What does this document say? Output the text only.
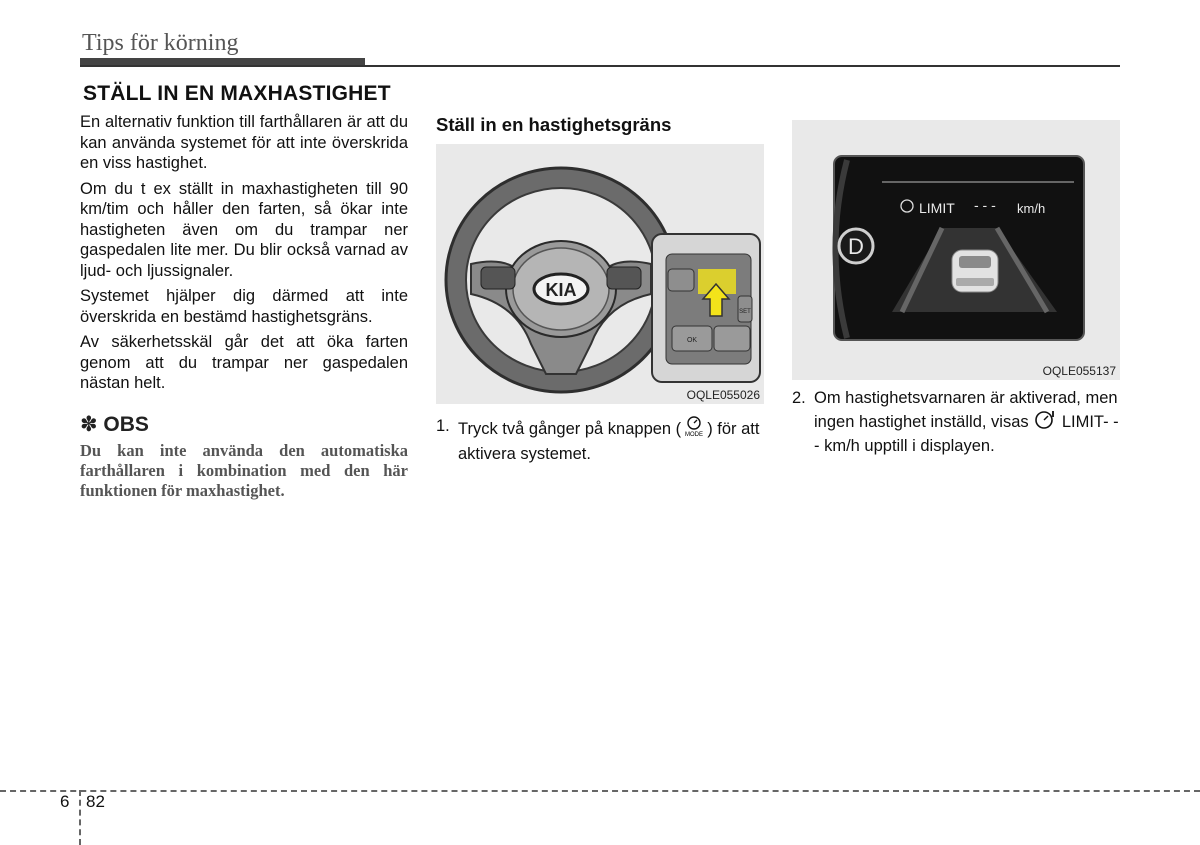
Tips för körning
STÄLL IN EN MAXHASTIGHET

En alternativ funktion till farthållaren är att du kan använda systemet för att inte överskrida en viss hastighet.

Om du t ex ställt in maxhastigheten till 90 km/tim och håller den farten, så ökar inte hastigheten även om du trampar ner gaspedalen lite mer. Du blir också varnad av ljud- och ljussignaler.

Systemet hjälper dig därmed att inte överskrida en bestämd hastighetsgräns.

Av säkerhetsskäl går det att öka farten genom att du trampar ner gaspedalen nästan helt.

✽ OBS
Du kan inte använda den automatiska farthållaren i kombination med den här funktionen för maxhastighet.
Ställ in en hastighetsgräns
KIA
OK
SET
OQLE055026
1. Tryck två gånger på knappen ( MODE ) för att aktivera systemet.
D
LIMIT - - - km/h
OQLE055137
2. Om hastighetsvarnaren är aktiverad, men ingen hastighet inställd, visas LIMIT- - - km/h upptill i displayen.
6 82
